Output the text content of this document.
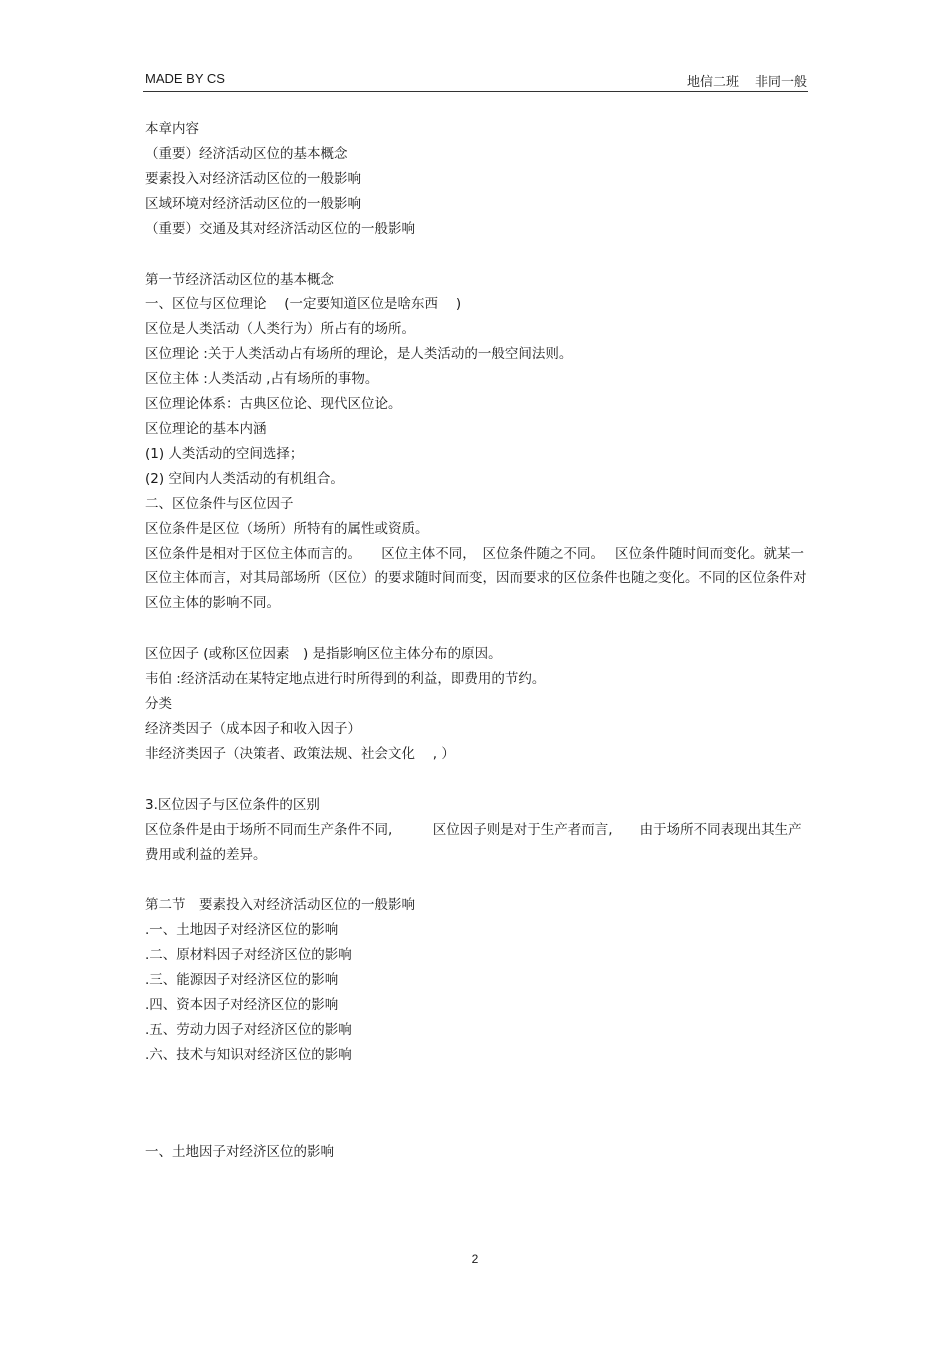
MADE BY CS	地信二班 非同一般
本章内容
（重要）经济活动区位的基本概念
要素投入对经济活动区位的一般影响
区域环境对经济活动区位的一般影响
（重要）交通及其对经济活动区位的一般影响
第一节经济活动区位的基本概念
一、区位与区位理论　 (一定要知道区位是啥东西　 )
区位是人类活动（人类行为）所占有的场所。
区位理论 :关于人类活动占有场所的理论，是人类活动的一般空间法则。
区位主体 :人类活动 ,占有场所的事物。
区位理论体系：古典区位论、现代区位论。
区位理论的基本内涵
(1) 人类活动的空间选择；
(2) 空间内人类活动的有机组合。
二、区位条件与区位因子
区位条件是区位（场所）所特有的属性或资质。
区位条件是相对于区位主体而言的。　　区位主体不同，　区位条件随之不同。　 区位条件随时间而变化。就某一区位主体而言，对其局部场所（区位）的要求随时间而变，因而要求的区位条件也随之变化。不同的区位条件对区位主体的影响不同。
区位因子 (或称区位因素　) 是指影响区位主体分布的原因。
韦伯 :经济活动在某特定地点进行时所得到的利益，即费用的节约。
分类
经济类因子（成本因子和收入因子）
非经济类因子（决策者、政策法规、社会文化　 , ）
3.区位因子与区位条件的区别
区位条件是由于场所不同而生产条件不同,　　　区位因子则是对于生产者而言,　　由于场所不同表现出其生产费用或利益的差异。
第二节　要素投入对经济活动区位的一般影响
.一、土地因子对经济区位的影响
.二、原材料因子对经济区位的影响
.三、能源因子对经济区位的影响
.四、资本因子对经济区位的影响
.五、劳动力因子对经济区位的影响
.六、技术与知识对经济区位的影响
一、土地因子对经济区位的影响
2
